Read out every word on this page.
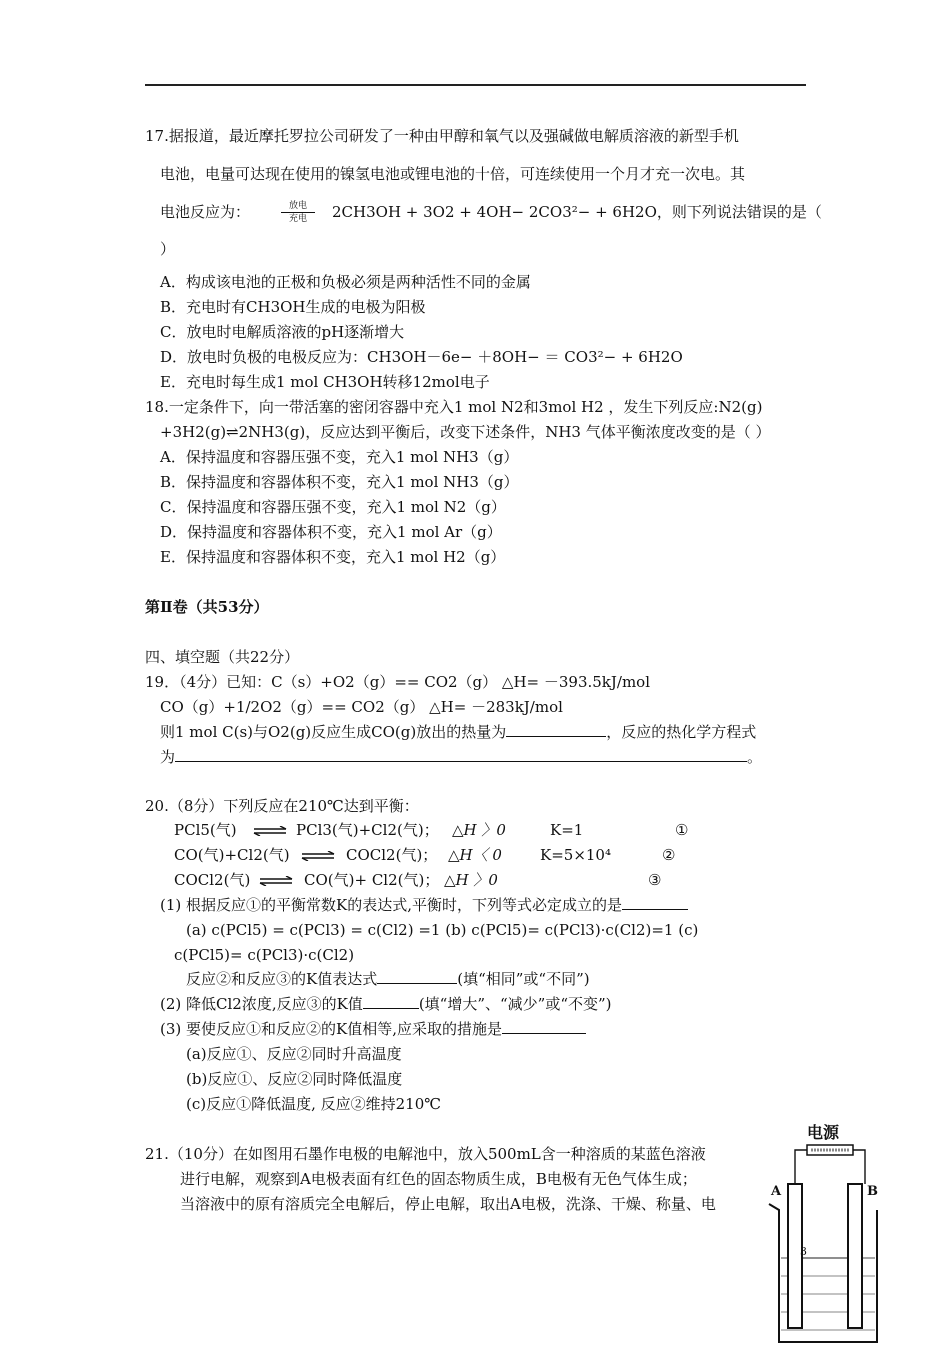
17.据报道，最近摩托罗拉公司研发了一种由甲醇和氧气以及强碱做电解质溶液的新型手机
电池，电量可达现在使用的镍氢电池或锂电池的十倍，可连续使用一个月才充一次电。其
电池反应为：	放电
充电	2CH3OH + 3O2 + 4OH− 2CO3²− + 6H2O，则下列说法错误的是（
）
A．构成该电池的正极和负极必须是两种活性不同的金属
B．充电时有CH3OH生成的电极为阳极
C．放电时电解质溶液的pH逐渐增大
D．放电时负极的电极反应为：CH3OH－6e− ＋8OH− ＝ CO3²− + 6H2O
E．充电时每生成1 mol CH3OH转移12mol电子
18.一定条件下，向一带活塞的密闭容器中充入1 mol N2和3mol H2 ，发生下列反应:N2(g)
+3H2(g)⇌2NH3(g)，反应达到平衡后，改变下述条件，NH3 气体平衡浓度改变的是（ ）
A．保持温度和容器压强不变，充入1 mol NH3（g）
B．保持温度和容器体积不变，充入1 mol NH3（g）
C．保持温度和容器压强不变，充入1 mol N2（g）
D．保持温度和容器体积不变，充入1 mol Ar（g）
E．保持温度和容器体积不变，充入1 mol H2（g）
第Ⅱ卷（共53分）
四、填空题（共22分）
19．（4分）已知：C（s）+O2（g）== CO2（g） △H= －393.5kJ/mol
CO（g）+1/2O2（g）== CO2（g） △H= －283kJ/mol
则1 mol C(s)与O2(g)反应生成CO(g)放出的热量为	，反应的热化学方程式
为	。
20.（8分）下列反应在210℃达到平衡：
PCl5(气) ⇌ PCl3(气)+Cl2(气)； △H 〉0	K=1	①
CO(气)+Cl2(气) ⇌ COCl2(气)； △H〈 0	K=5×10⁴	②
COCl2(气) ⇌ CO(气)+ Cl2(气)； △H 〉0	③
(1) 根据反应①的平衡常数K的表达式,平衡时，下列等式必定成立的是
(a) c(PCl5) = c(PCl3) = c(Cl2) =1 (b) c(PCl5)= c(PCl3)·c(Cl2)=1 (c)
c(PCl5)= c(PCl3)·c(Cl2)
反应②和反应③的K值表达式	(填“相同”或“不同”)
(2) 降低Cl2浓度,反应③的K值	(填“增大”、“减少”或“不变”)
(3) 要使反应①和反应②的K值相等,应采取的措施是
(a)反应①、反应②同时升高温度
(b)反应①、反应②同时降低温度
(c)反应①降低温度, 反应②维持210℃
21.（10分）在如图用石墨作电极的电解池中，放入500mL含一种溶质的某蓝色溶液
进行电解，观察到A电极表面有红色的固态物质生成，B电极有无色气体生成；
当溶液中的原有溶质完全电解后，停止电解，取出A电极，洗涤、干燥、称量、电
电源
A	B
3
